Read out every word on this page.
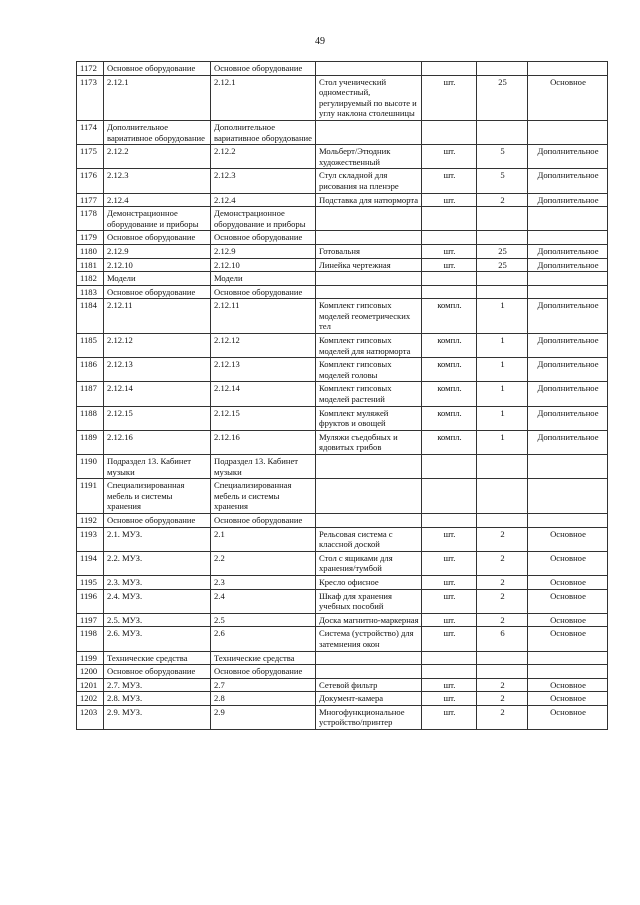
49
1172	Основное оборудование	Основное оборудование				
1173	2.12.1	2.12.1	Стол ученический одноместный, регулируемый по высоте и углу наклона столешницы	шт.	25	Основное
1174	Дополнительное вариативное оборудование	Дополнительное вариативное оборудование				
1175	2.12.2	2.12.2	Мольберт/Этюдник художественный	шт.	5	Дополнительное
1176	2.12.3	2.12.3	Стул складной для рисования на пленэре	шт.	5	Дополнительное
1177	2.12.4	2.12.4	Подставка для натюрморта	шт.	2	Дополнительное
1178	Демонстрационное оборудование и приборы	Демонстрационное оборудование и приборы				
1179	Основное оборудование	Основное оборудование				
1180	2.12.9	2.12.9	Готовальня	шт.	25	Дополнительное
1181	2.12.10	2.12.10	Линейка чертежная	шт.	25	Дополнительное
1182	Модели	Модели				
1183	Основное оборудование	Основное оборудование				
1184	2.12.11	2.12.11	Комплект гипсовых моделей геометрических тел	компл.	1	Дополнительное
1185	2.12.12	2.12.12	Комплект гипсовых моделей для натюрморта	компл.	1	Дополнительное
1186	2.12.13	2.12.13	Комплект гипсовых моделей головы	компл.	1	Дополнительное
1187	2.12.14	2.12.14	Комплект гипсовых моделей растений	компл.	1	Дополнительное
1188	2.12.15	2.12.15	Комплект муляжей фруктов и овощей	компл.	1	Дополнительное
1189	2.12.16	2.12.16	Муляжи съедобных и ядовитых грибов	компл.	1	Дополнительное
1190	Подраздел 13. Кабинет музыки	Подраздел 13. Кабинет музыки				
1191	Специализированная мебель и системы хранения	Специализированная мебель и системы хранения				
1192	Основное оборудование	Основное оборудование				
1193	2.1. МУЗ.	2.1	Рельсовая система с классной доской	шт.	2	Основное
1194	2.2. МУЗ.	2.2	Стол с ящиками для хранения/тумбой	шт.	2	Основное
1195	2.3. МУЗ.	2.3	Кресло офисное	шт.	2	Основное
1196	2.4. МУЗ.	2.4	Шкаф для хранения учебных пособий	шт.	2	Основное
1197	2.5. МУЗ.	2.5	Доска магнитно-маркерная	шт.	2	Основное
1198	2.6. МУЗ.	2.6	Система (устройство) для затемнения окон	шт.	6	Основное
1199	Технические средства	Технические средства				
1200	Основное оборудование	Основное оборудование				
1201	2.7. МУЗ.	2.7	Сетевой фильтр	шт.	2	Основное
1202	2.8. МУЗ.	2.8	Документ-камера	шт.	2	Основное
1203	2.9. МУЗ.	2.9	Многофункциональное устройство/принтер	шт.	2	Основное
